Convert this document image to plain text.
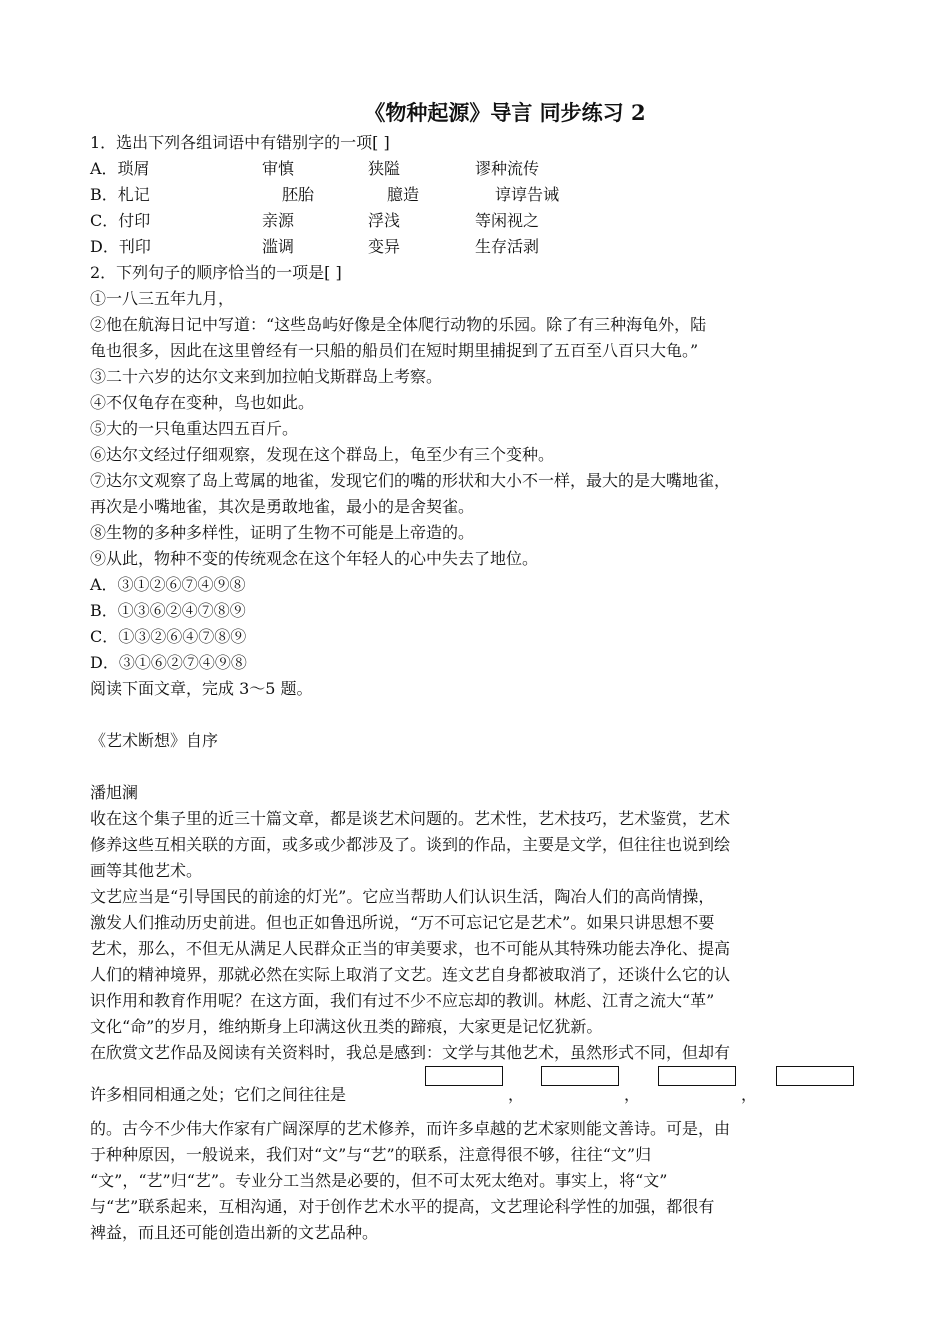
《物种起源》导言 同步练习 2

1．选出下列各组词语中有错别字的一项[ ]

A．琐屑	审慎	狭隘	谬种流传
B．札记	胚胎	臆造	谆谆告诫
C．付印	亲源	浮浅	等闲视之
D．刊印	滥调	变异	生存活剥

2．下列句子的顺序恰当的一项是[ ]

①一八三五年九月，

②他在航海日记中写道：“这些岛屿好像是全体爬行动物的乐园。除了有三种海龟外，陆

龟也很多，因此在这里曾经有一只船的船员们在短时期里捕捉到了五百至八百只大龟。”

③二十六岁的达尔文来到加拉帕戈斯群岛上考察。

④不仅龟存在变种，鸟也如此。

⑤大的一只龟重达四五百斤。

⑥达尔文经过仔细观察，发现在这个群岛上，龟至少有三个变种。

⑦达尔文观察了岛上莺属的地雀，发现它们的嘴的形状和大小不一样，最大的是大嘴地雀，

再次是小嘴地雀，其次是勇敢地雀，最小的是舍契雀。

⑧生物的多种多样性，证明了生物不可能是上帝造的。

⑨从此，物种不变的传统观念在这个年轻人的心中失去了地位。

A．③①②⑥⑦④⑨⑧

B．①③⑥②④⑦⑧⑨

C．①③②⑥④⑦⑧⑨

D．③①⑥②⑦④⑨⑧

阅读下面文章，完成 3～5 题。

《艺术断想》自序

潘旭澜

收在这个集子里的近三十篇文章，都是谈艺术问题的。艺术性，艺术技巧，艺术鉴赏，艺术

修养这些互相关联的方面，或多或少都涉及了。谈到的作品，主要是文学，但往往也说到绘

画等其他艺术。

文艺应当是“引导国民的前途的灯光”。它应当帮助人们认识生活，陶冶人们的高尚情操，

激发人们推动历史前进。但也正如鲁迅所说，“万不可忘记它是艺术”。如果只讲思想不要

艺术，那么，不但无从满足人民群众正当的审美要求，也不可能从其特殊功能去净化、提高

人们的精神境界，那就必然在实际上取消了文艺。连文艺自身都被取消了，还谈什么它的认

识作用和教育作用呢？在这方面，我们有过不少不应忘却的教训。林彪、江青之流大“革”

文化“命”的岁月，维纳斯身上印满这伙丑类的蹄痕，大家更是记忆犹新。

在欣赏文艺作品及阅读有关资料时，我总是感到：文学与其他艺术，虽然形式不同，但却有

许多相同相通之处；它们之间往往是	，	，	，

的。古今不少伟大作家有广阔深厚的艺术修养，而许多卓越的艺术家则能文善诗。可是，由

于种种原因，一般说来，我们对“文”与“艺”的联系，注意得很不够，往往“文”归

“文”，“艺”归“艺”。专业分工当然是必要的，但不可太死太绝对。事实上，将“文”

与“艺”联系起来，互相沟通，对于创作艺术水平的提高，文艺理论科学性的加强，都很有

裨益，而且还可能创造出新的文艺品种。
